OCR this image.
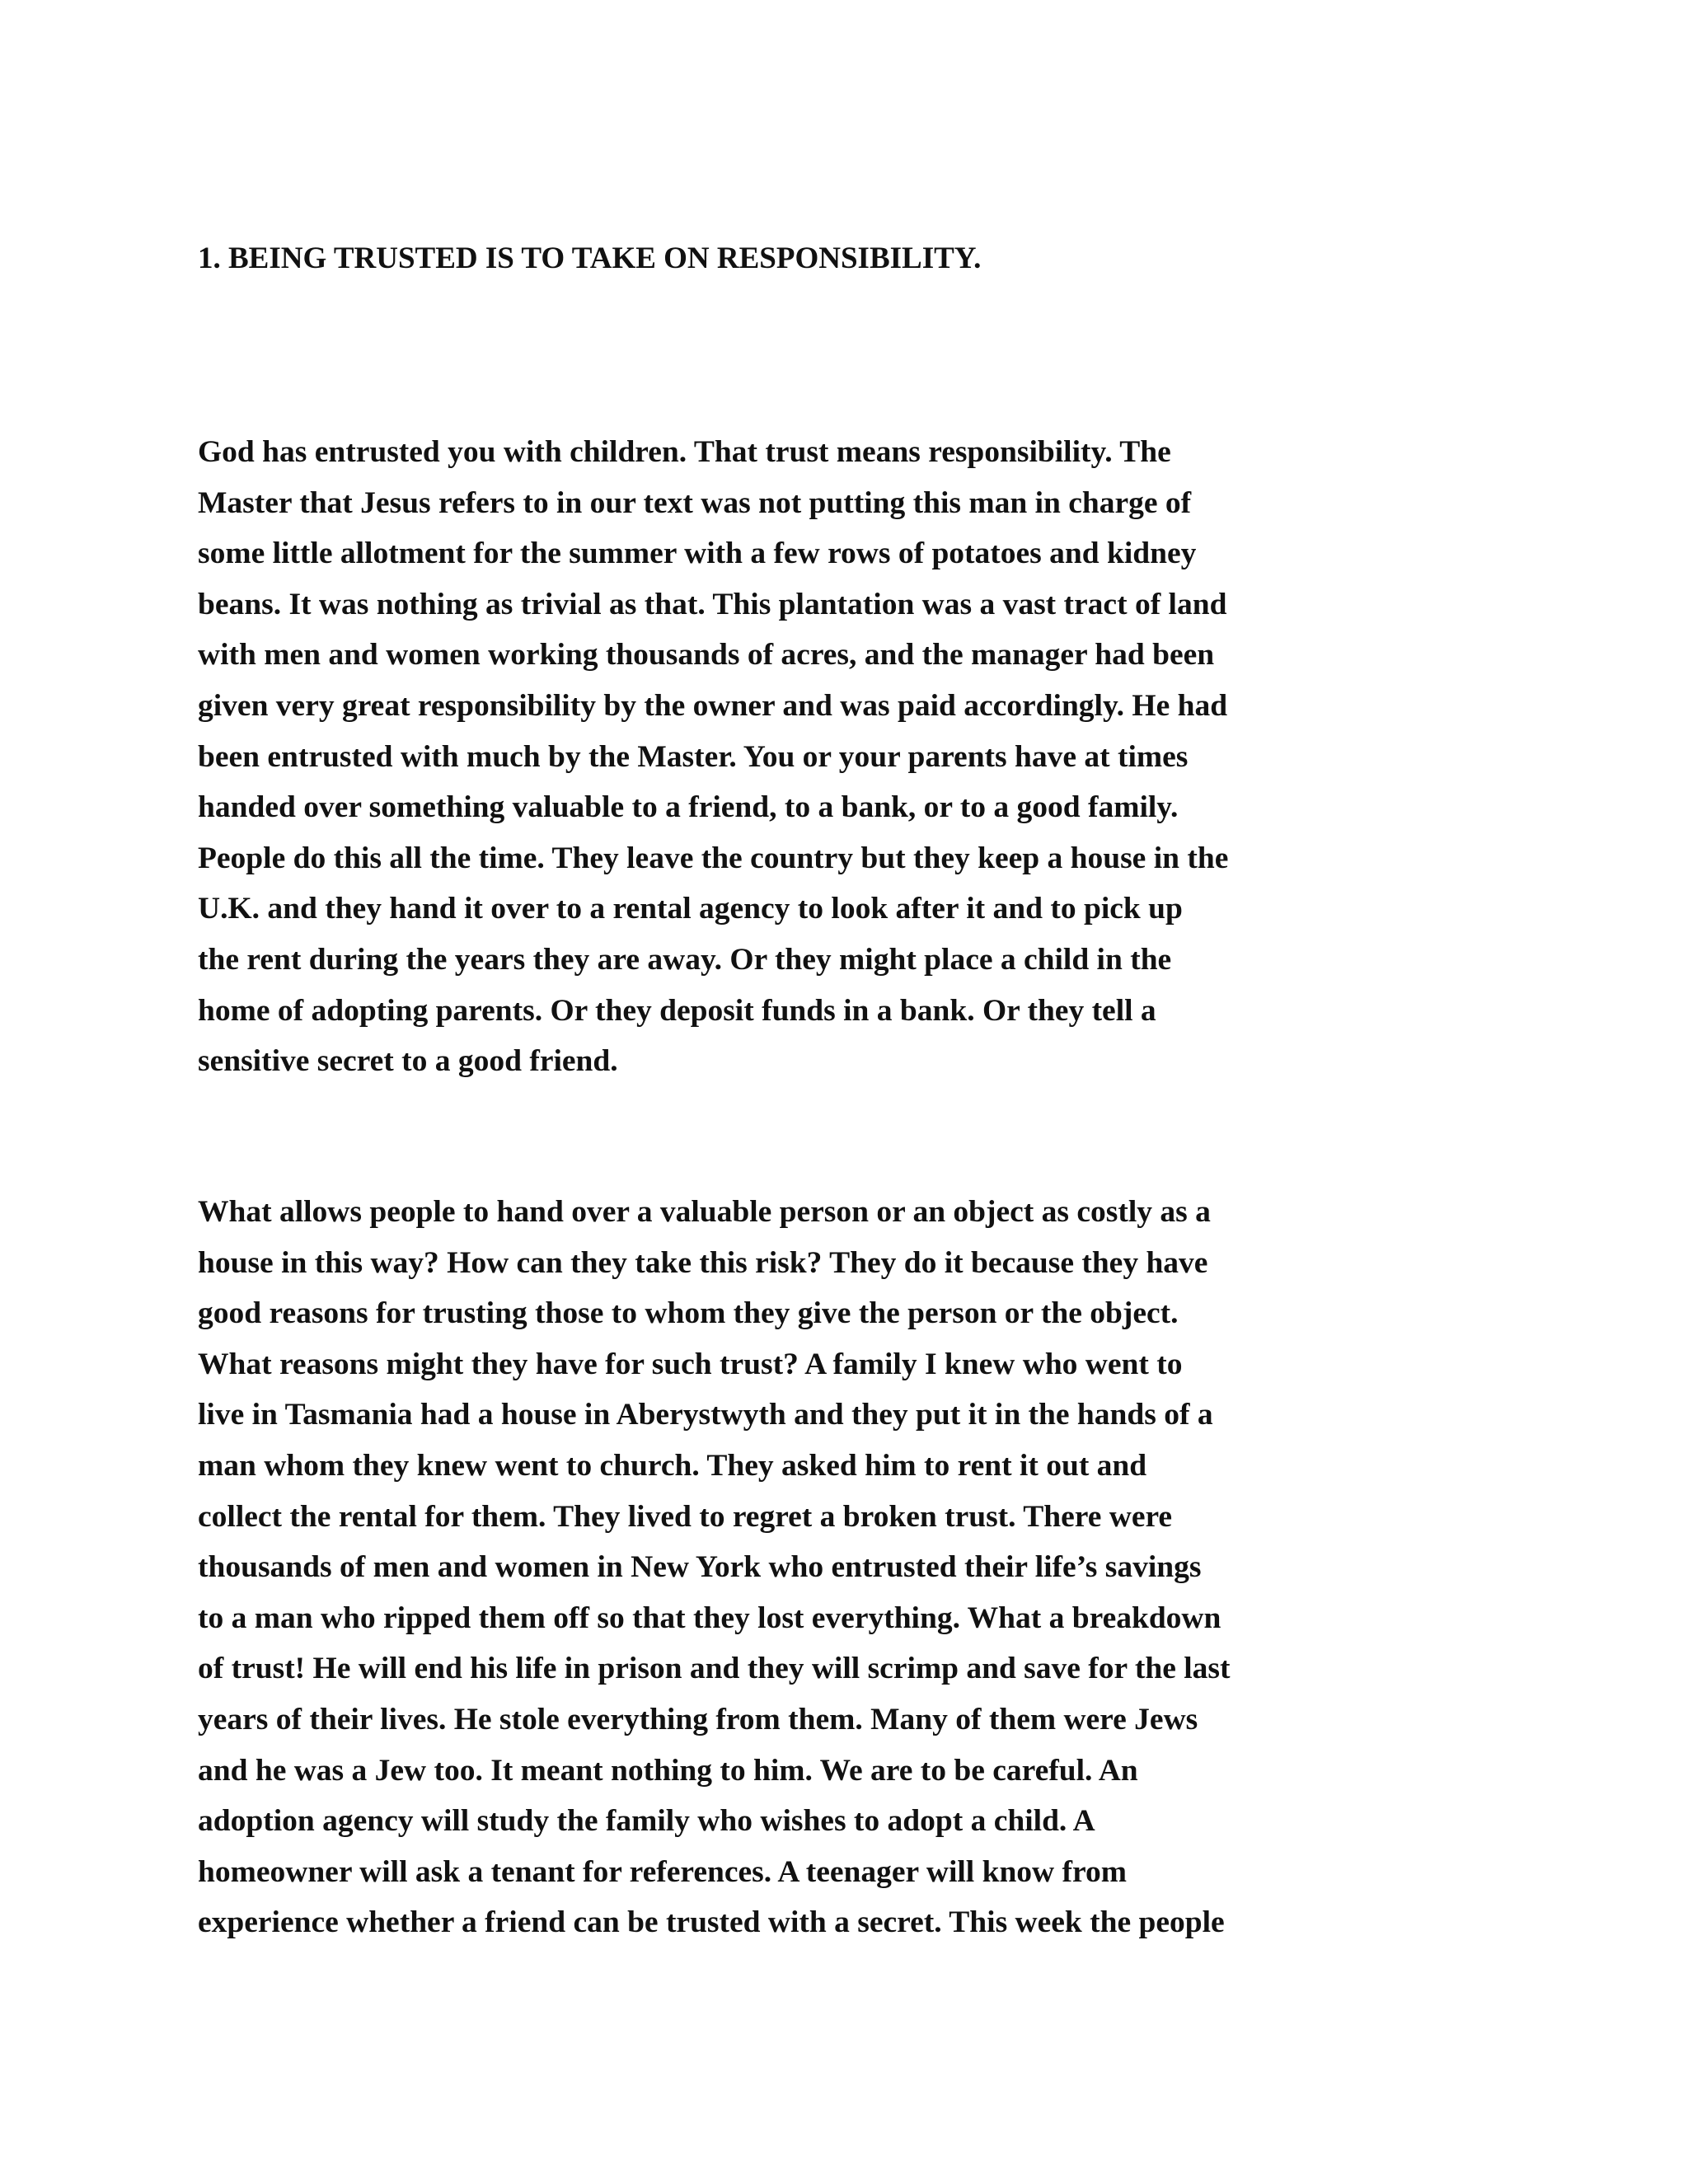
1. BEING TRUSTED IS TO TAKE ON RESPONSIBILITY.

God has entrusted you with children. That trust means responsibility. The
Master that Jesus refers to in our text was not putting this man in charge of
some little allotment for the summer with a few rows of potatoes and kidney
beans. It was nothing as trivial as that. This plantation was a vast tract of land
with men and women working thousands of acres, and the manager had been
given very great responsibility by the owner and was paid accordingly. He had
been entrusted with much by the Master. You or your parents have at times
handed over something valuable to a friend, to a bank, or to a good family.
People do this all the time. They leave the country but they keep a house in the
U.K. and they hand it over to a rental agency to look after it and to pick up
the rent during the years they are away. Or they might place a child in the
home of adopting parents. Or they deposit funds in a bank. Or they tell a
sensitive secret to a good friend.

What allows people to hand over a valuable person or an object as costly as a
house in this way? How can they take this risk? They do it because they have
good reasons for trusting those to whom they give the person or the object.
What reasons might they have for such trust? A family I knew who went to
live in Tasmania had a house in Aberystwyth and they put it in the hands of a
man whom they knew went to church. They asked him to rent it out and
collect the rental for them. They lived to regret a broken trust. There were
thousands of men and women in New York who entrusted their life’s savings
to a man who ripped them off so that they lost everything. What a breakdown
of trust! He will end his life in prison and they will scrimp and save for the last
years of their lives. He stole everything from them. Many of them were Jews
and he was a Jew too. It meant nothing to him. We are to be careful. An
adoption agency will study the family who wishes to adopt a child. A
homeowner will ask a tenant for references. A teenager will know from
experience whether a friend can be trusted with a secret. This week the people
